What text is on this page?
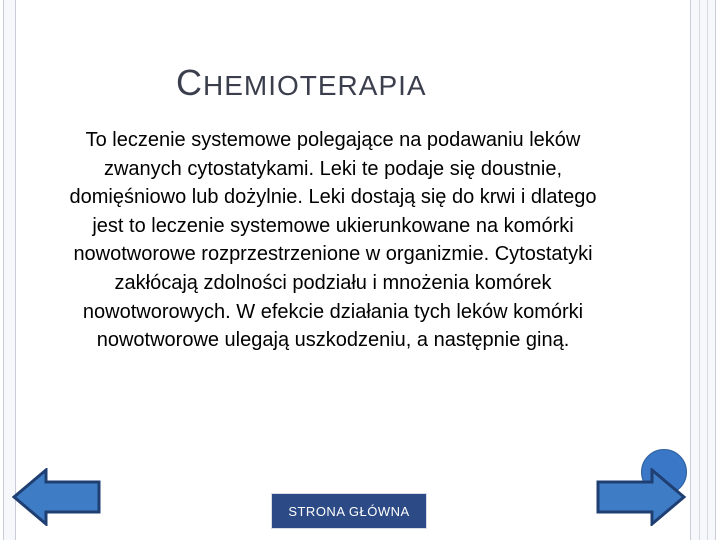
CHEMIOTERAPIA
To leczenie systemowe polegające na podawaniu leków zwanych cytostatykami. Leki te podaje się doustnie, domięśniowo lub dożylnie. Leki dostają się do krwi i dlatego jest to leczenie systemowe ukierunkowane na komórki nowotworowe rozprzestrzenione w organizmie. Cytostatyki zakłócają zdolności podziału i mnożenia komórek nowotworowych. W efekcie działania tych leków komórki nowotworowe ulegają uszkodzeniu, a następnie giną.
STRONA GŁÓWNA
